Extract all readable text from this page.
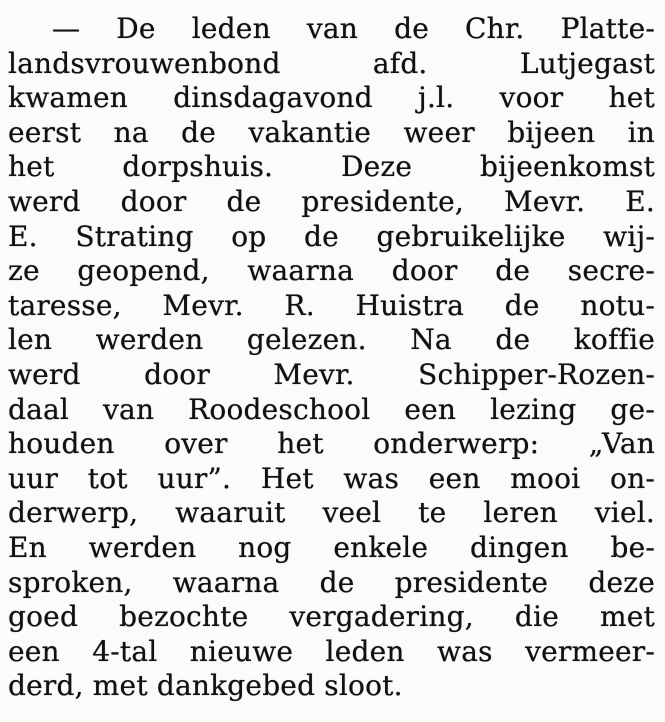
— De leden van de Chr. Platte-
landsvrouwenbond afd. Lutjegast
kwamen dinsdagavond j.l. voor het
eerst na de vakantie weer bijeen in
het dorpshuis. Deze bijeenkomst
werd door de presidente, Mevr. E.
E. Strating op de gebruikelijke wij-
ze geopend, waarna door de secre-
taresse, Mevr. R. Huistra de notu-
len werden gelezen. Na de koffie
werd door Mevr. Schipper-Rozen-
daal van Roodeschool een lezing ge-
houden over het onderwerp: „Van
uur tot uur”. Het was een mooi on-
derwerp, waaruit veel te leren viel.
En werden nog enkele dingen be-
sproken, waarna de presidente deze
goed bezochte vergadering, die met
een 4-tal nieuwe leden was vermeer-
derd, met dankgebed sloot.
